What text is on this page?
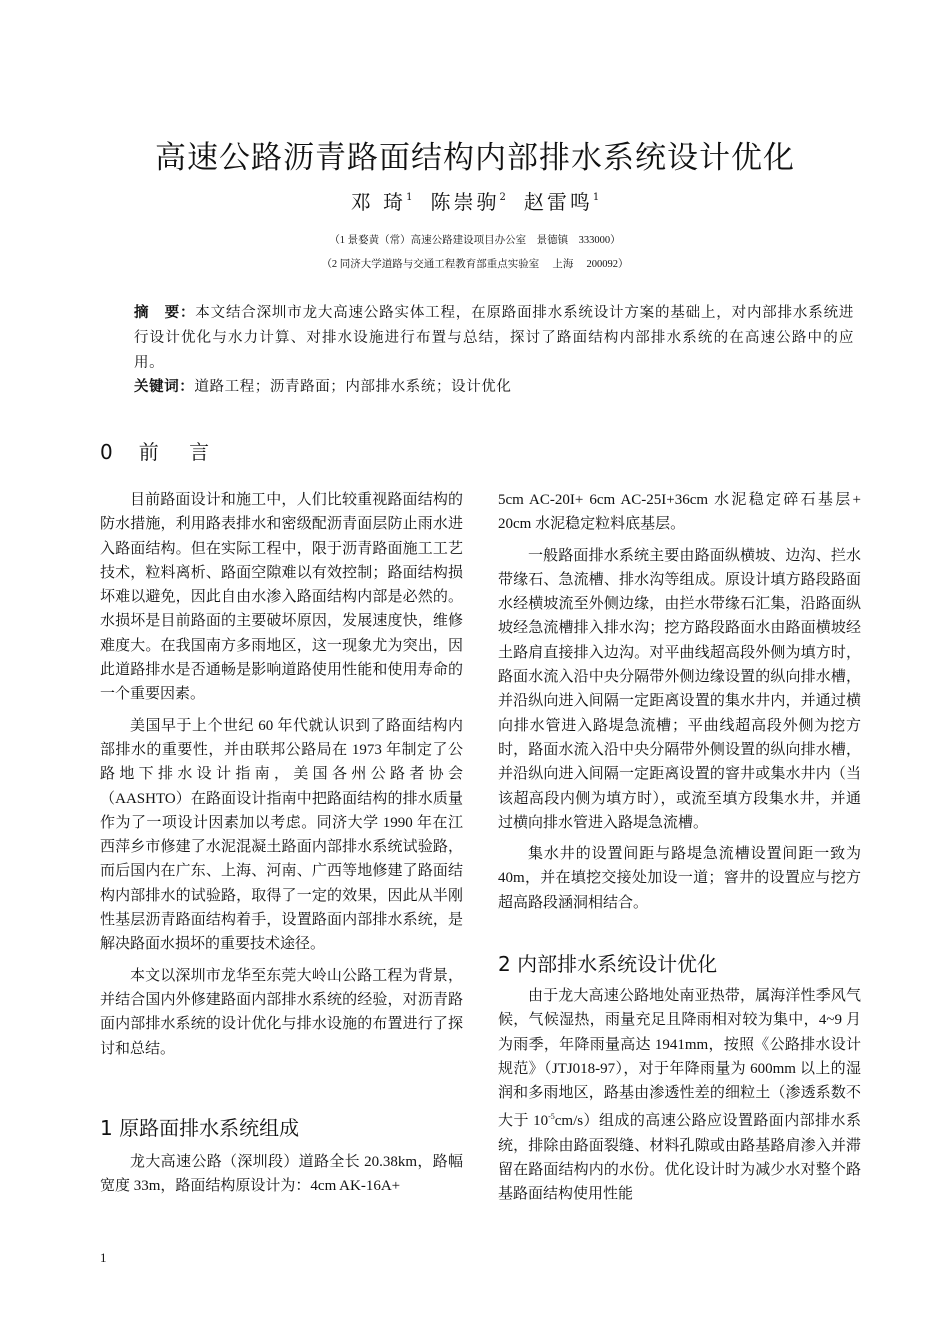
高速公路沥青路面结构内部排水系统设计优化
邓 琦$^1$ 陈崇驹$^2$ 赵雷鸣$^1$
（1 景婺黄（常）高速公路建设项目办公室　景德镇　333000）
（2 同济大学道路与交通工程教育部重点实验室　 上海　 200092）
摘　要：本文结合深圳市龙大高速公路实体工程，在原路面排水系统设计方案的基础上，对内部排水系统进行设计优化与水力计算、对排水设施进行布置与总结，探讨了路面结构内部排水系统的在高速公路中的应用。
关键词：道路工程；沥青路面；内部排水系统；设计优化
0 前 言

目前路面设计和施工中，人们比较重视路面结构的防水措施，利用路表排水和密级配沥青面层防止雨水进入路面结构。但在实际工程中，限于沥青路面施工工艺技术，粒料离析、路面空隙难以有效控制；路面结构损坏难以避免，因此自由水渗入路面结构内部是必然的。水损坏是目前路面的主要破坏原因，发展速度快，维修难度大。在我国南方多雨地区，这一现象尤为突出，因此道路排水是否通畅是影响道路使用性能和使用寿命的一个重要因素。

美国早于上个世纪 60 年代就认识到了路面结构内部排水的重要性，并由联邦公路局在 1973 年制定了公路地下排水设计指南，美国各州公路者协会（AASHTO）在路面设计指南中把路面结构的排水质量作为了一项设计因素加以考虑。同济大学 1990 年在江西萍乡市修建了水泥混凝土路面内部排水系统试验路，而后国内在广东、上海、河南、广西等地修建了路面结构内部排水的试验路，取得了一定的效果，因此从半刚性基层沥青路面结构着手，设置路面内部排水系统，是解决路面水损坏的重要技术途径。

本文以深圳市龙华至东莞大岭山公路工程为背景，并结合国内外修建路面内部排水系统的经验，对沥青路面内部排水系统的设计优化与排水设施的布置进行了探讨和总结。

1 原路面排水系统组成

龙大高速公路（深圳段）道路全长 20.38km，路幅宽度 33m，路面结构原设计为：4cm AK-16A+

5cm AC-20I+ 6cm AC-25I+36cm 水泥稳定碎石基层+ 20cm 水泥稳定粒料底基层。

一般路面排水系统主要由路面纵横坡、边沟、拦水带缘石、急流槽、排水沟等组成。原设计填方路段路面水经横坡流至外侧边缘，由拦水带缘石汇集，沿路面纵坡经急流槽排入排水沟；挖方路段路面水由路面横坡经土路肩直接排入边沟。对平曲线超高段外侧为填方时，路面水流入沿中央分隔带外侧边缘设置的纵向排水槽，并沿纵向进入间隔一定距离设置的集水井内，并通过横向排水管进入路堤急流槽；平曲线超高段外侧为挖方时，路面水流入沿中央分隔带外侧设置的纵向排水槽，并沿纵向进入间隔一定距离设置的窨井或集水井内（当该超高段内侧为填方时），或流至填方段集水井，并通过横向排水管进入路堤急流槽。

集水井的设置间距与路堤急流槽设置间距一致为 40m，并在填挖交接处加设一道；窨井的设置应与挖方超高路段涵洞相结合。

2 内部排水系统设计优化

由于龙大高速公路地处南亚热带，属海洋性季风气候，气候湿热，雨量充足且降雨相对较为集中，4~9 月为雨季，年降雨量高达 1941mm，按照《公路排水设计规范》（JTJ018-97），对于年降雨量为 600mm 以上的湿润和多雨地区，路基由渗透性差的细粒土（渗透系数不大于 $10^{-5}cm/s$）组成的高速公路应设置路面内部排水系统，排除由路面裂缝、材料孔隙或由路基路肩渗入并滞留在路面结构内的水份。优化设计时为减少水对整个路基路面结构使用性能

1
